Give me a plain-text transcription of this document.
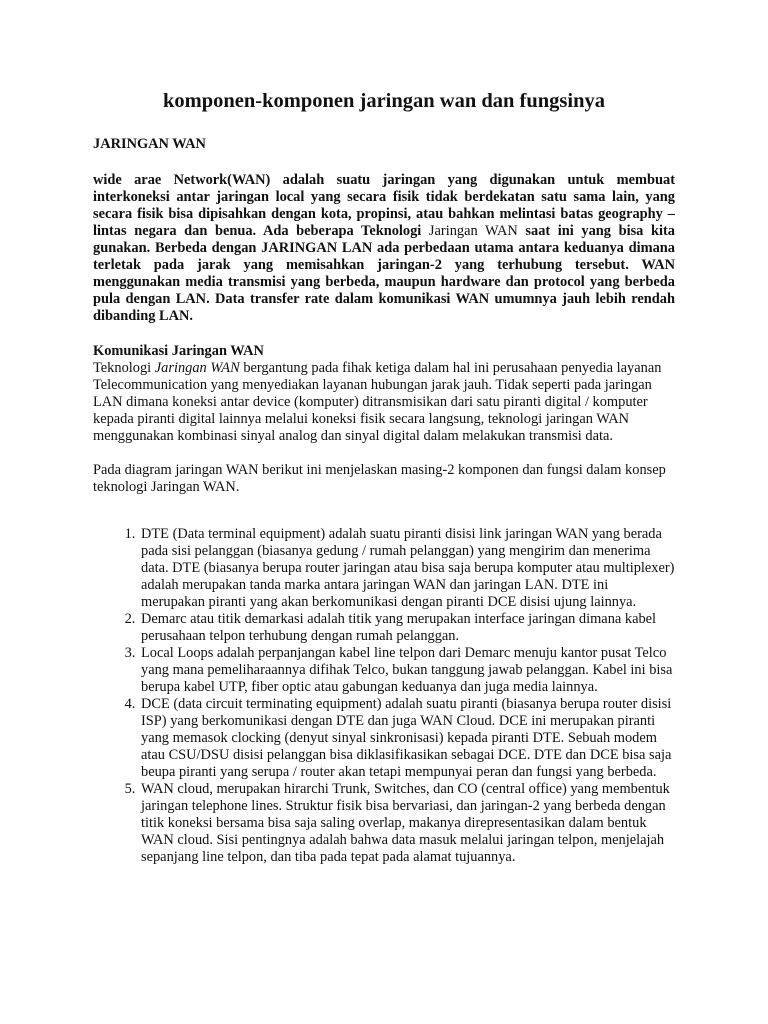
komponen-komponen jaringan wan dan fungsinya
JARINGAN WAN

wide arae Network(WAN) adalah suatu jaringan yang digunakan untuk membuat interkoneksi antar jaringan local yang secara fisik tidak berdekatan satu sama lain, yang secara fisik bisa dipisahkan dengan kota, propinsi, atau bahkan melintasi batas geography – lintas negara dan benua. Ada beberapa Teknologi Jaringan WAN saat ini yang bisa kita gunakan. Berbeda dengan JARINGAN LAN ada perbedaan utama antara keduanya dimana terletak pada jarak yang memisahkan jaringan-2 yang terhubung tersebut. WAN menggunakan media transmisi yang berbeda, maupun hardware dan protocol yang berbeda pula dengan LAN. Data transfer rate dalam komunikasi WAN umumnya jauh lebih rendah dibanding LAN.

Komunikasi Jaringan WAN

Teknologi Jaringan WAN bergantung pada fihak ketiga dalam hal ini perusahaan penyedia layanan Telecommunication yang menyediakan layanan hubungan jarak jauh. Tidak seperti pada jaringan LAN dimana koneksi antar device (komputer) ditransmisikan dari satu piranti digital / komputer kepada piranti digital lainnya melalui koneksi fisik secara langsung, teknologi jaringan WAN menggunakan kombinasi sinyal analog dan sinyal digital dalam melakukan transmisi data.

Pada diagram jaringan WAN berikut ini menjelaskan masing-2 komponen dan fungsi dalam konsep teknologi Jaringan WAN.

1. DTE (Data terminal equipment) adalah suatu piranti disisi link jaringan WAN yang berada pada sisi pelanggan (biasanya gedung / rumah pelanggan) yang mengirim dan menerima data. DTE (biasanya berupa router jaringan atau bisa saja berupa komputer atau multiplexer) adalah merupakan tanda marka antara jaringan WAN dan jaringan LAN. DTE ini merupakan piranti yang akan berkomunikasi dengan piranti DCE disisi ujung lainnya.
2. Demarc atau titik demarkasi adalah titik yang merupakan interface jaringan dimana kabel perusahaan telpon terhubung dengan rumah pelanggan.
3. Local Loops adalah perpanjangan kabel line telpon dari Demarc menuju kantor pusat Telco yang mana pemeliharaannya difihak Telco, bukan tanggung jawab pelanggan. Kabel ini bisa berupa kabel UTP, fiber optic atau gabungan keduanya dan juga media lainnya.
4. DCE (data circuit terminating equipment) adalah suatu piranti (biasanya berupa router disisi ISP) yang berkomunikasi dengan DTE dan juga WAN Cloud. DCE ini merupakan piranti yang memasok clocking (denyut sinyal sinkronisasi) kepada piranti DTE. Sebuah modem atau CSU/DSU disisi pelanggan bisa diklasifikasikan sebagai DCE. DTE dan DCE bisa saja beupa piranti yang serupa / router akan tetapi mempunyai peran dan fungsi yang berbeda.
5. WAN cloud, merupakan hirarchi Trunk, Switches, dan CO (central office) yang membentuk jaringan telephone lines. Struktur fisik bisa bervariasi, dan jaringan-2 yang berbeda dengan titik koneksi bersama bisa saja saling overlap, makanya direpresentasikan dalam bentuk WAN cloud. Sisi pentingnya adalah bahwa data masuk melalui jaringan telpon, menjelajah sepanjang line telpon, dan tiba pada tepat pada alamat tujuannya.
